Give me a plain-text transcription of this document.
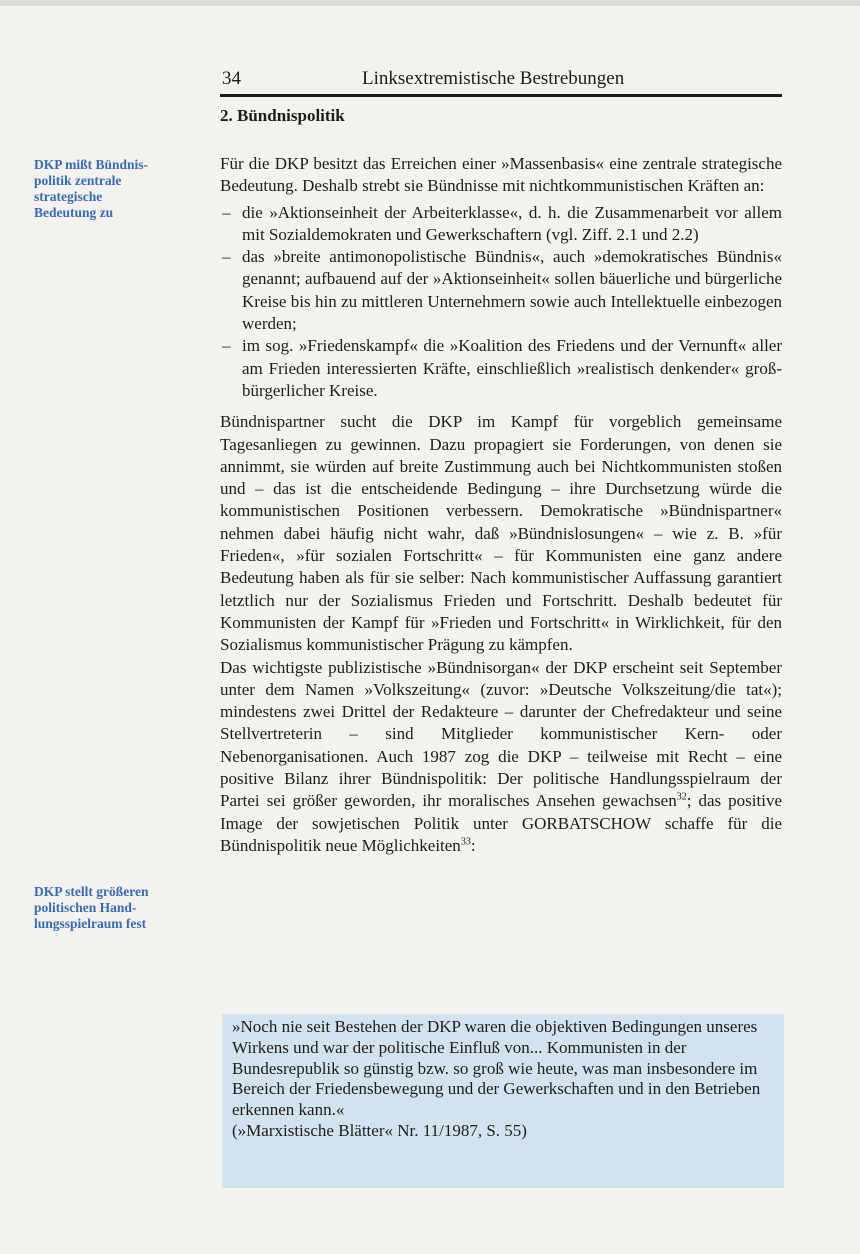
34	Linksextremistische Bestrebungen
2. Bündnispolitik
DKP mißt Bündnis-
politik zentrale
strategische
Bedeutung zu
DKP stellt größeren
politischen Hand-
lungsspielraum fest

Für die DKP besitzt das Erreichen einer »Massenbasis« eine zentrale strategische Bedeutung. Deshalb strebt sie Bündnisse mit nichtkommunistischen Kräften an:

– die »Aktionseinheit der Arbeiterklasse«, d. h. die Zusammenarbeit vor allem mit Sozialdemokraten und Gewerkschaftern (vgl. Ziff. 2.1 und 2.2)
– das »breite antimonopolistische Bündnis«, auch »demokratisches Bündnis« genannt; aufbauend auf der »Aktionseinheit« sollen bäuerliche und bürgerliche Kreise bis hin zu mittleren Unternehmern sowie auch Intellektuelle einbezogen werden;
– im sog. »Friedenskampf« die »Koalition des Friedens und der Vernunft« aller am Frieden interessierten Kräfte, einschließlich »realistisch denkender« groß-bürgerlicher Kreise.

Bündnispartner sucht die DKP im Kampf für vorgeblich gemeinsame Tagesanliegen zu gewinnen. Dazu propagiert sie Forderungen, von denen sie annimmt, sie würden auf breite Zustimmung auch bei Nichtkommunisten stoßen und – das ist die entscheidende Bedingung – ihre Durchsetzung würde die kommunistischen Positionen verbessern. Demokratische »Bündnispartner« nehmen dabei häufig nicht wahr, daß »Bündnislosungen« – wie z. B. »für Frieden«, »für sozialen Fortschritt« – für Kommunisten eine ganz andere Bedeutung haben als für sie selber: Nach kommunistischer Auffassung garantiert letztlich nur der Sozialismus Frieden und Fortschritt. Deshalb bedeutet für Kommunisten der Kampf für »Frieden und Fortschritt« in Wirklichkeit, für den Sozialismus kommunistischer Prägung zu kämpfen.

Das wichtigste publizistische »Bündnisorgan« der DKP erscheint seit September unter dem Namen »Volkszeitung« (zuvor: »Deutsche Volkszeitung/die tat«); mindestens zwei Drittel der Redakteure – darunter der Chefredakteur und seine Stellvertreterin – sind Mitglieder kommunistischer Kern- oder Nebenorganisationen. Auch 1987 zog die DKP – teilweise mit Recht – eine positive Bilanz ihrer Bündnispolitik: Der politische Handlungsspielraum der Partei sei größer geworden, ihr moralisches Ansehen gewachsen$^{32}$; das positive Image der sowjetischen Politik unter GORBATSCHOW schaffe für die Bündnispolitik neue Möglichkeiten$^{33}$:

»Noch nie seit Bestehen der DKP waren die objektiven Bedingungen unseres Wirkens und war der politische Einfluß von... Kommunisten in der Bundesrepublik so günstig bzw. so groß wie heute, was man insbesondere im Bereich der Friedensbewegung und der Gewerkschaften und in den Betrieben erkennen kann.«

(»Marxistische Blätter« Nr. 11/1987, S. 55)
